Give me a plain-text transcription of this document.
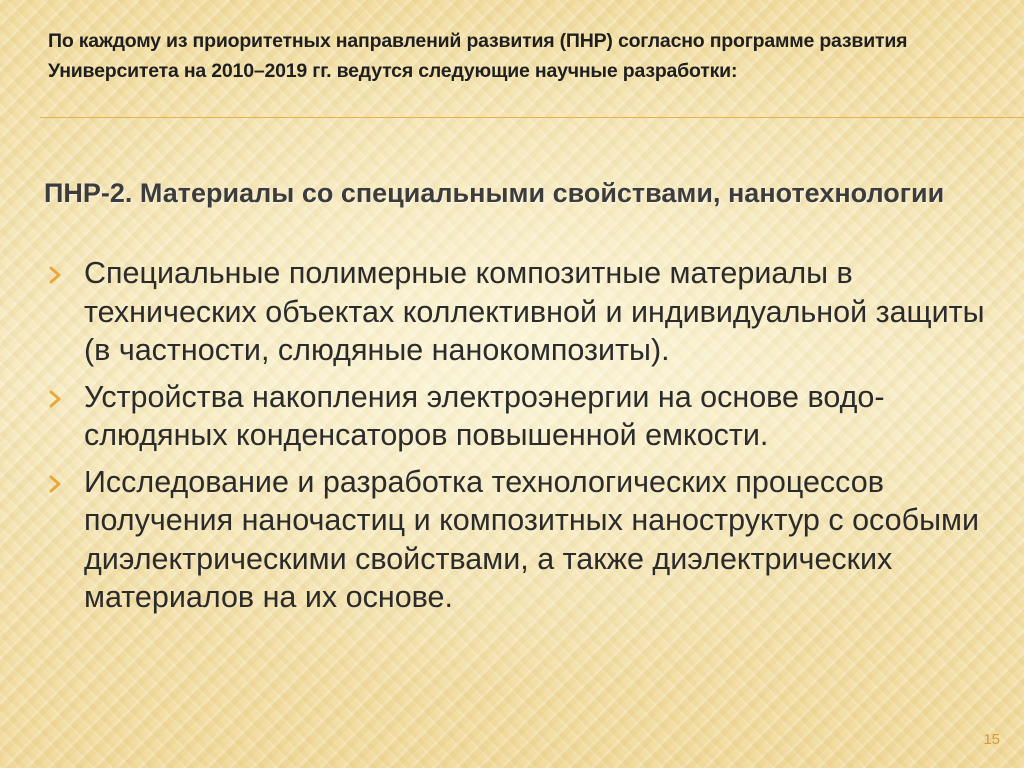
По каждому из приоритетных направлений развития (ПНР) согласно программе развития Университета на 2010–2019 гг. ведутся следующие научные разработки:
ПНР-2. Материалы со специальными свойствами, нанотехнологии
Специальные полимерные композитные материалы в технических объектах коллективной и индивидуальной защиты (в частности, слюдяные нанокомпозиты).
Устройства накопления электроэнергии на основе водо-слюдяных конденсаторов повышенной емкости.
Исследование и разработка технологических процессов получения наночастиц и композитных наноструктур с особыми диэлектрическими свойствами, а также диэлектрических материалов на их основе.
15
